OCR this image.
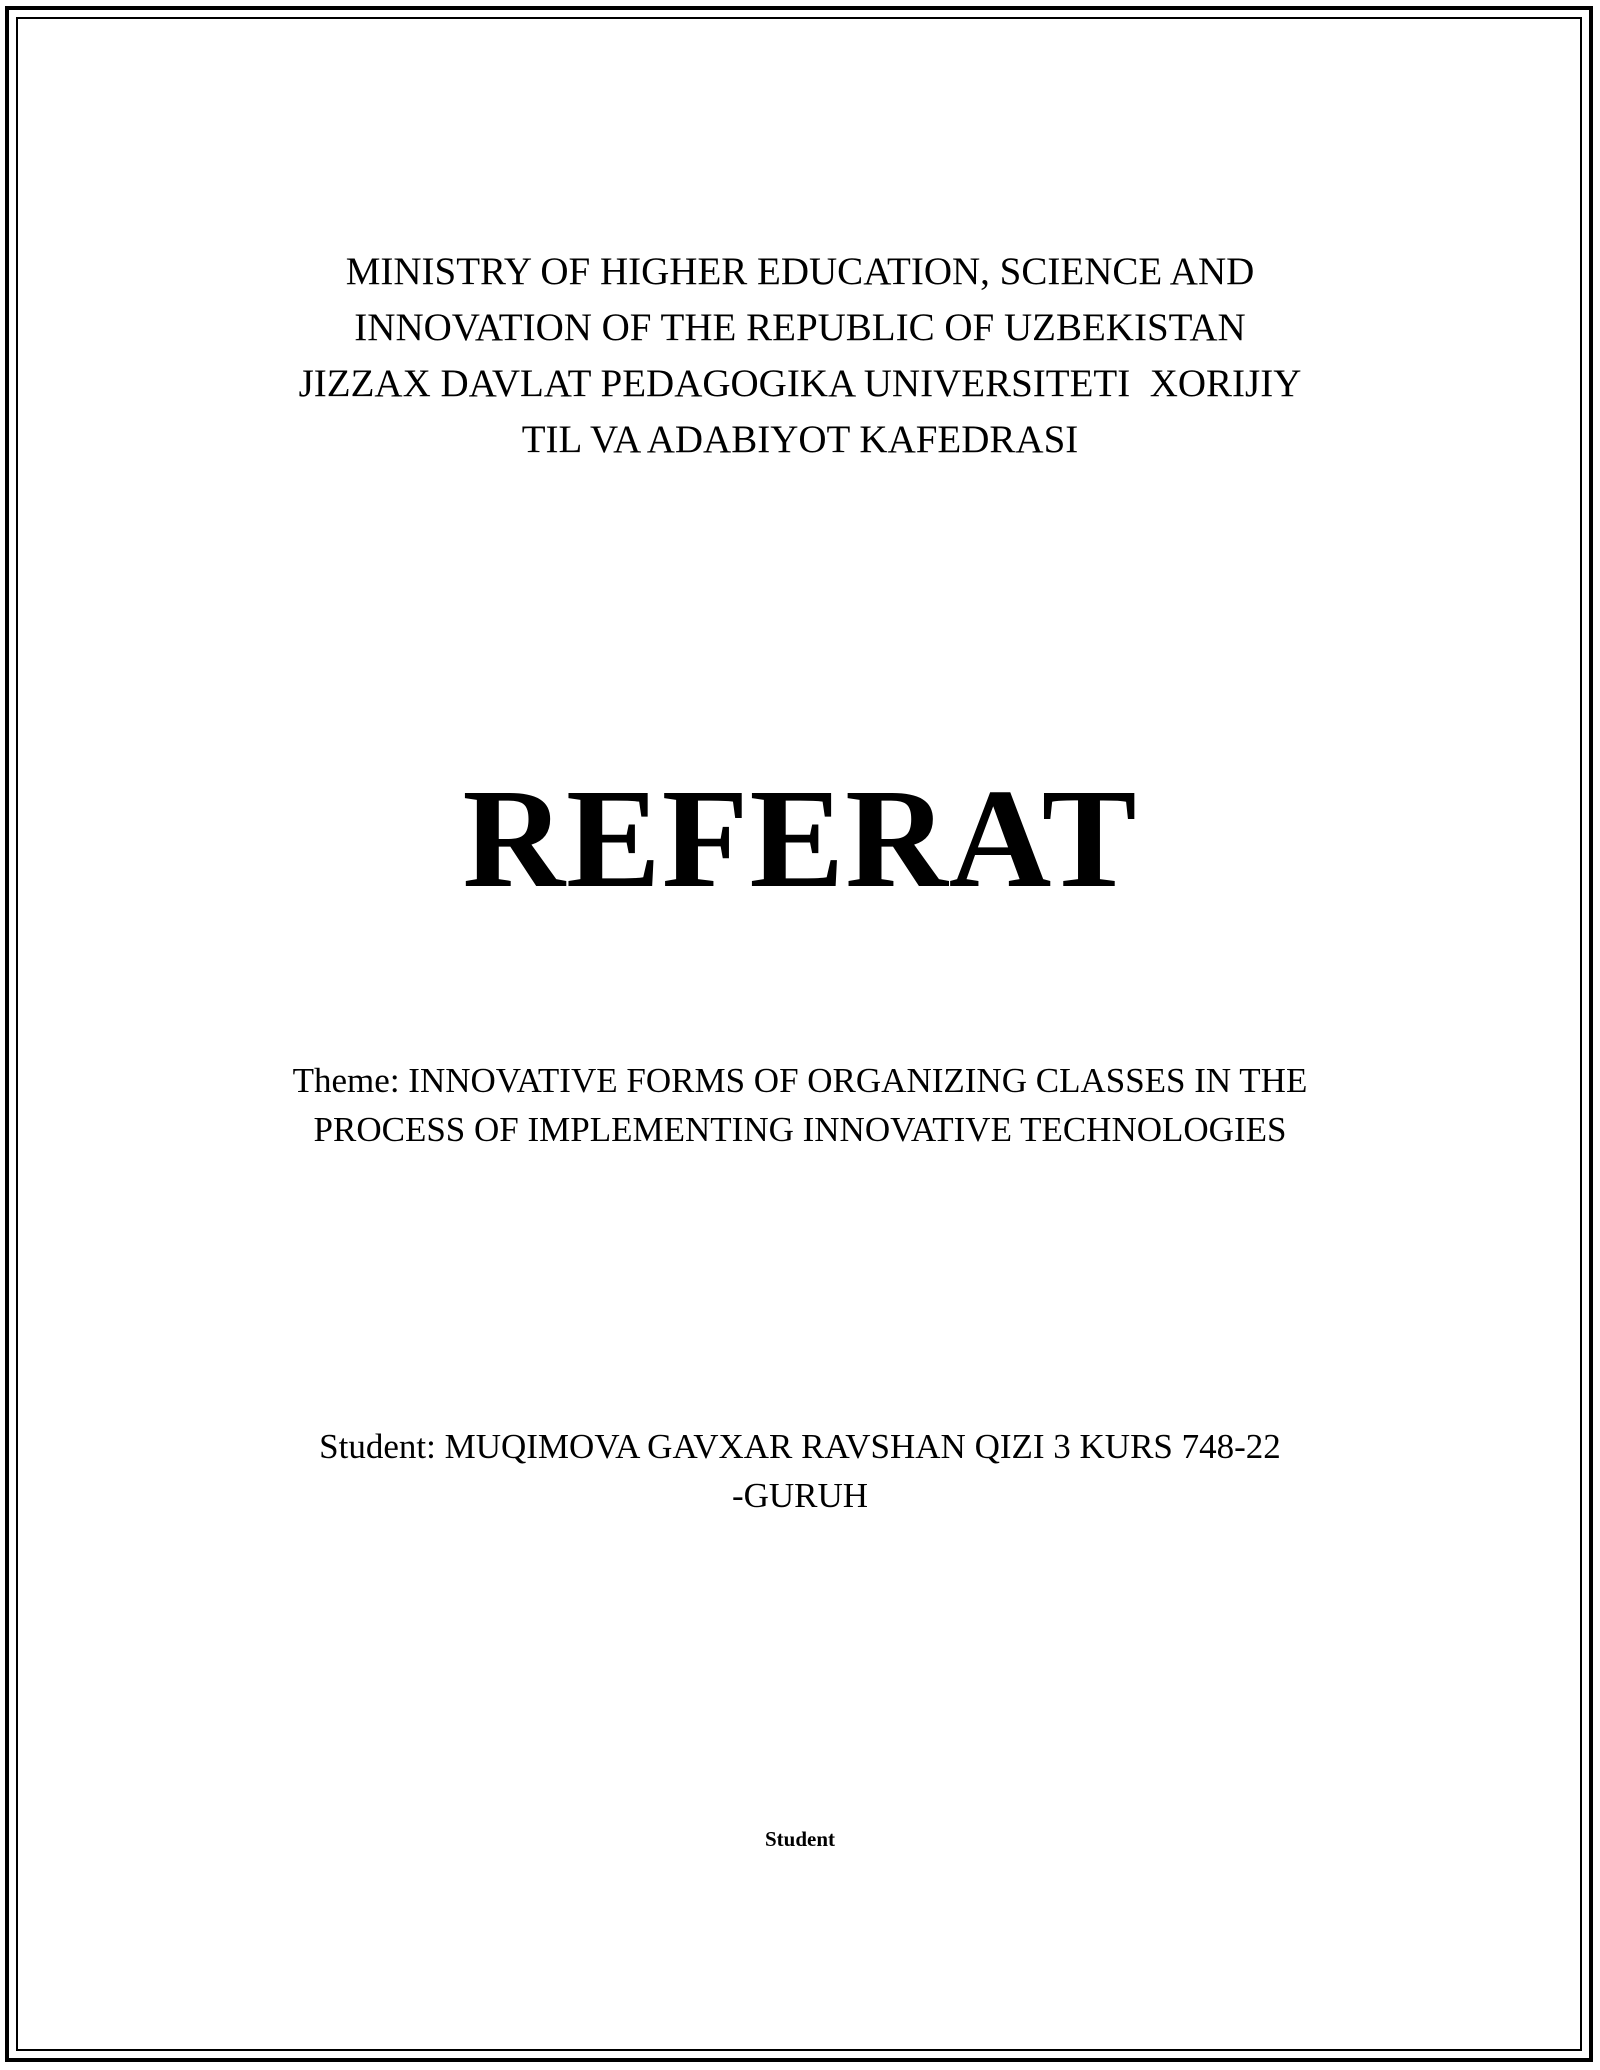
MINISTRY OF HIGHER EDUCATION, SCIENCE AND
INNOVATION OF THE REPUBLIC OF UZBEKISTAN
JIZZAX DAVLAT PEDAGOGIKA UNIVERSITETI  XORIJIY
TIL VA ADABIYOT KAFEDRASI
REFERAT
Theme: INNOVATIVE FORMS OF ORGANIZING CLASSES IN THE
PROCESS OF IMPLEMENTING INNOVATIVE TECHNOLOGIES
Student: MUQIMOVA GAVXAR RAVSHAN QIZI 3 KURS 748-22
-GURUH
Student
